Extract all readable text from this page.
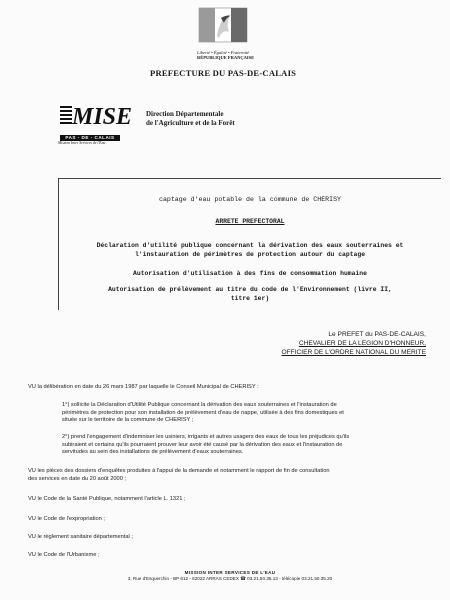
Liberté • Égalité • Fraternité
RÉPUBLIQUE FRANÇAISE
PREFECTURE DU PAS-DE-CALAIS
MISE
PAS - DE - CALAIS
Mission Inter Services de l'Eau
Direction Départementale
de l'Agriculture et de la Forêt
captage d'eau potable de la commune de CHERISY
ARRETE PREFECTORAL
Déclaration d'utilité publique concernant la dérivation des eaux souterraines et
l'instauration de périmètres de protection autour du captage
Autorisation d'utilisation à des fins de consommation humaine
Autorisation de prélèvement au titre du code de l'Environnement (livre II,
titre 1er)
Le PREFET du PAS-DE-CALAIS,
CHEVALIER DE LA LEGION D'HONNEUR,
OFFICIER DE L'ORDRE NATIONAL DU MERITE
VU la délibération en date du 26 mars 1987 par laquelle le Conseil Municipal de CHERISY :
1°) sollicite la Déclaration d'Utilité Publique concernant la dérivation des eaux souterraines et l'instauration de
périmètres de protection pour son installation de prélèvement d'eau de nappe, utilisée à des fins domestiques et
située sur le territoire de la commune de CHERISY ;
2°) prend l'engagement d'indemniser les usiniers, irrigants et autres usagers des eaux de tous les préjudices qu'ils
subiraient et certains qu'ils pourraient prouver leur avoir été causé par la dérivation des eaux et l'instauration de
servitudes au sein des installations de prélèvement d'eaux souterraines.
VU les pièces des dossiers d'enquêtes produites à l'appui de la demande et notamment le rapport de fin de consultation
des services en date du 20 août 2000 ;
VU le Code de la Santé Publique, notamment l'article L. 1321 ;
VU le Code de l'expropriation ;
VU le règlement sanitaire départemental ;
VU le Code de l'Urbanisme ;
MISSION INTER SERVICES DE L'EAU
3, Rue d'Esquerchin - BP 612 - 62022 ARRAS CEDEX ☎ 03.21.50.35.13 - télécopie 03.21.50.35.20
